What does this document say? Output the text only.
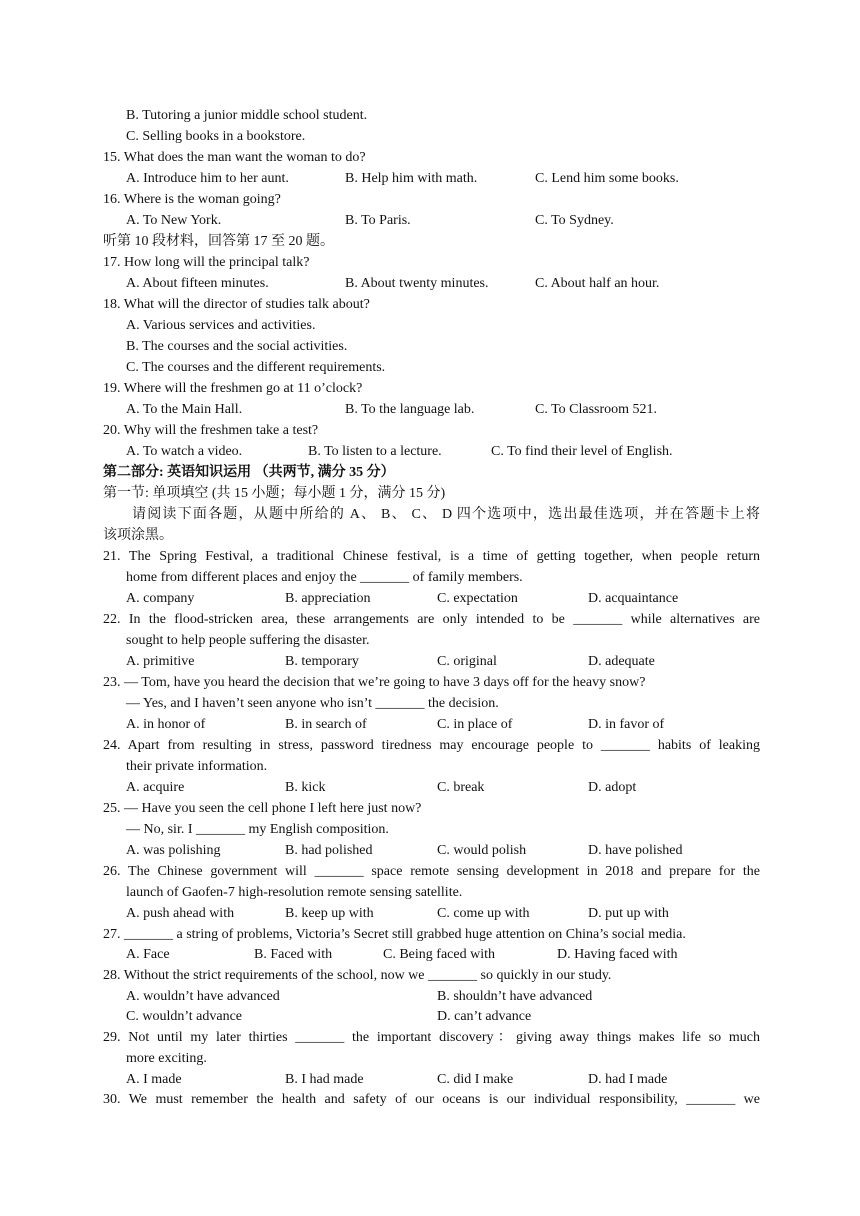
B. Tutoring a junior middle school student.
C. Selling books in a bookstore.
15. What does the man want the woman to do?
A. Introduce him to her aunt.	B. Help him with math.	C. Lend him some books.
16. Where is the woman going?
A. To New York.	B. To Paris.	C. To Sydney.
听第 10 段材料，回答第 17 至 20 题。
17. How long will the principal talk?
A. About fifteen minutes.	B. About twenty minutes.	C. About half an hour.
18. What will the director of studies talk about?
A. Various services and activities.
B. The courses and the social activities.
C. The courses and the different requirements.
19. Where will the freshmen go at 11 o’clock?
A. To the Main Hall.	B. To the language lab.	C. To Classroom 521.
20. Why will the freshmen take a test?
A. To watch a video.	B. To listen to a lecture.	C. To find their level of English.
第二部分: 英语知识运用 （共两节, 满分 35 分）
第一节: 单项填空 (共 15 小题；每小题 1 分，满分 15 分)
请阅读下面各题，从题中所给的 A、 B、 C、 D 四个选项中，选出最佳选项，并在答题卡上将
该项涂黑。
21. The Spring Festival, a traditional Chinese festival, is a time of getting together, when people return
home from different places and enjoy the _______ of family members.
A. company	B. appreciation	C. expectation	D. acquaintance
22. In the flood-stricken area, these arrangements are only intended to be _______ while alternatives are
sought to help people suffering the disaster.
A. primitive	B. temporary	C. original	D. adequate
23. — Tom, have you heard the decision that we’re going to have 3 days off for the heavy snow?
— Yes, and I haven’t seen anyone who isn’t _______ the decision.
A. in honor of	B. in search of	C. in place of	D. in favor of
24. Apart from resulting in stress, password tiredness may encourage people to _______ habits of leaking
their private information.
A. acquire	B. kick	C. break	D. adopt
25. — Have you seen the cell phone I left here just now?
— No, sir. I _______ my English composition.
A. was polishing	B. had polished	C. would polish	D. have polished
26. The Chinese government will _______ space remote sensing development in 2018 and prepare for the
launch of Gaofen-7 high-resolution remote sensing satellite.
A. push ahead with	B. keep up with	C. come up with	D. put up with
27. _______ a string of problems, Victoria’s Secret still grabbed huge attention on China’s social media.
A. Face	B. Faced with	C. Being faced with	D. Having faced with
28. Without the strict requirements of the school, now we _______ so quickly in our study.
A. wouldn’t have advanced	B. shouldn’t have advanced
C. wouldn’t advance	D. can’t advance
29. Not until my later thirties _______ the important discovery：giving away things makes life so much
more exciting.
A. I made	B. I had made	C. did I make	D. had I made
30. We must remember the health and safety of our oceans is our individual responsibility, _______ we
